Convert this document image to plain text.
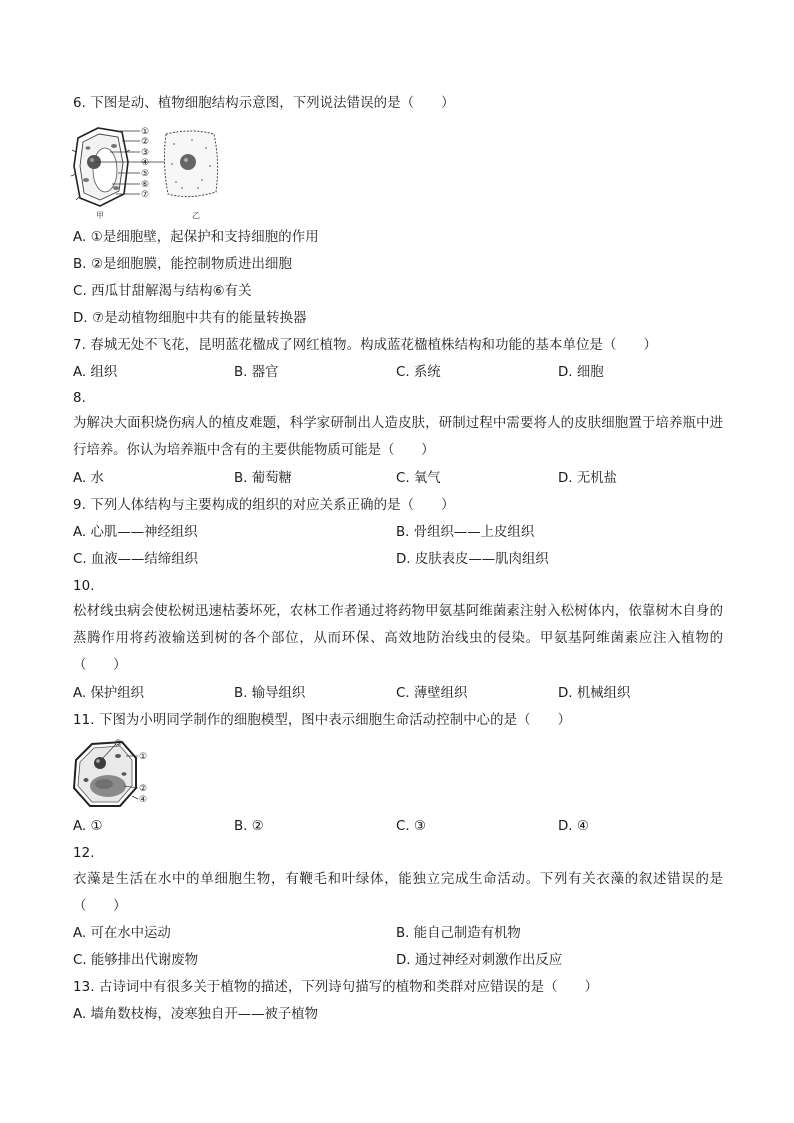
6. 下图是动、植物细胞结构示意图，下列说法错误的是（　　）
甲
①
②
③
④
⑤
⑥
⑦
乙
A. ①是细胞壁，起保护和支持细胞的作用
B. ②是细胞膜，能控制物质进出细胞
C. 西瓜甘甜解渴与结构⑥有关
D. ⑦是动植物细胞中共有的能量转换器
7. 春城无处不飞花，昆明蓝花楹成了网红植物。构成蓝花楹植株结构和功能的基本单位是（　　）
A. 组织	B. 器官	C. 系统	D. 细胞
8.
为解决大面积烧伤病人的植皮难题，科学家研制出人造皮肤，研制过程中需要将人的皮肤细胞置于培养瓶中进行培养。你认为培养瓶中含有的主要供能物质可能是（　　）
A. 水	B. 葡萄糖	C. 氧气	D. 无机盐
9. 下列人体结构与主要构成的组织的对应关系正确的是（　　）
A. 心肌——神经组织	B. 骨组织——上皮组织
C. 血液——结缔组织	D. 皮肤表皮——肌肉组织
10.
松材线虫病会使松树迅速枯萎坏死，农林工作者通过将药物甲氨基阿维菌素注射入松树体内，依靠树木自身的蒸腾作用将药液输送到树的各个部位，从而环保、高效地防治线虫的侵染。甲氨基阿维菌素应注入植物的（　　）
A. 保护组织	B. 输导组织	C. 薄壁组织	D. 机械组织
11. 下图为小明同学制作的细胞模型，图中表示细胞生命活动控制中心的是（　　）
③
①
②
④
A. ①	B. ②	C. ③	D. ④
12.
衣藻是生活在水中的单细胞生物，有鞭毛和叶绿体，能独立完成生命活动。下列有关衣藻的叙述错误的是（　　）
A. 可在水中运动	B. 能自己制造有机物
C. 能够排出代谢废物	D. 通过神经对刺激作出反应
13. 古诗词中有很多关于植物的描述，下列诗句描写的植物和类群对应错误的是（　　）
A. 墙角数枝梅，凌寒独自开——被子植物
